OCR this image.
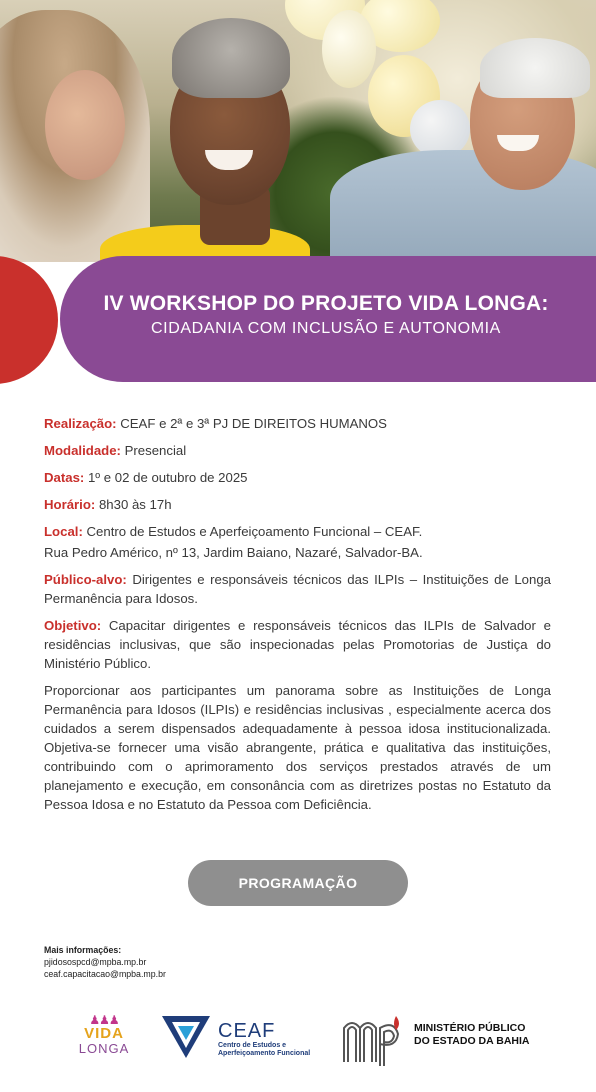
IV WORKSHOP DO PROJETO VIDA LONGA:
CIDADANIA COM INCLUSÃO E AUTONOMIA

Realização: CEAF e 2ª e 3ª PJ DE DIREITOS HUMANOS

Modalidade: Presencial

Datas: 1º e 02 de outubro de 2025

Horário: 8h30 às 17h

Local: Centro de Estudos e Aperfeiçoamento Funcional – CEAF.

Rua Pedro Américo, nº 13, Jardim Baiano, Nazaré, Salvador-BA.

Público-alvo: Dirigentes e responsáveis técnicos das ILPIs – Instituições de Longa Permanência para Idosos.

Objetivo: Capacitar dirigentes e responsáveis técnicos das ILPIs de Salvador e residências inclusivas, que são inspecionadas pelas Promotorias de Justiça do Ministério Público.

Proporcionar aos participantes um panorama sobre as Instituições de Longa Permanência para Idosos (ILPIs) e residências inclusivas , especialmente acerca dos cuidados a serem dispensados adequadamente à pessoa idosa institucionalizada. Objetiva-se fornecer uma visão abrangente, prática e qualitativa das instituições, contribuindo com o aprimoramento dos serviços prestados através de um planejamento e execução, em consonância com as diretrizes postas no Estatuto da Pessoa Idosa e no Estatuto da Pessoa com Deficiência.

PROGRAMAÇÃO
Mais informações:
pjidosospcd@mpba.mp.br
ceaf.capacitacao@mpba.mp.br
♟♟♟
VIDA
LONGA
CEAF
Centro de Estudos e
Aperfeiçoamento Funcional
MINISTÉRIO PÚBLICO
DO ESTADO DA BAHIA
